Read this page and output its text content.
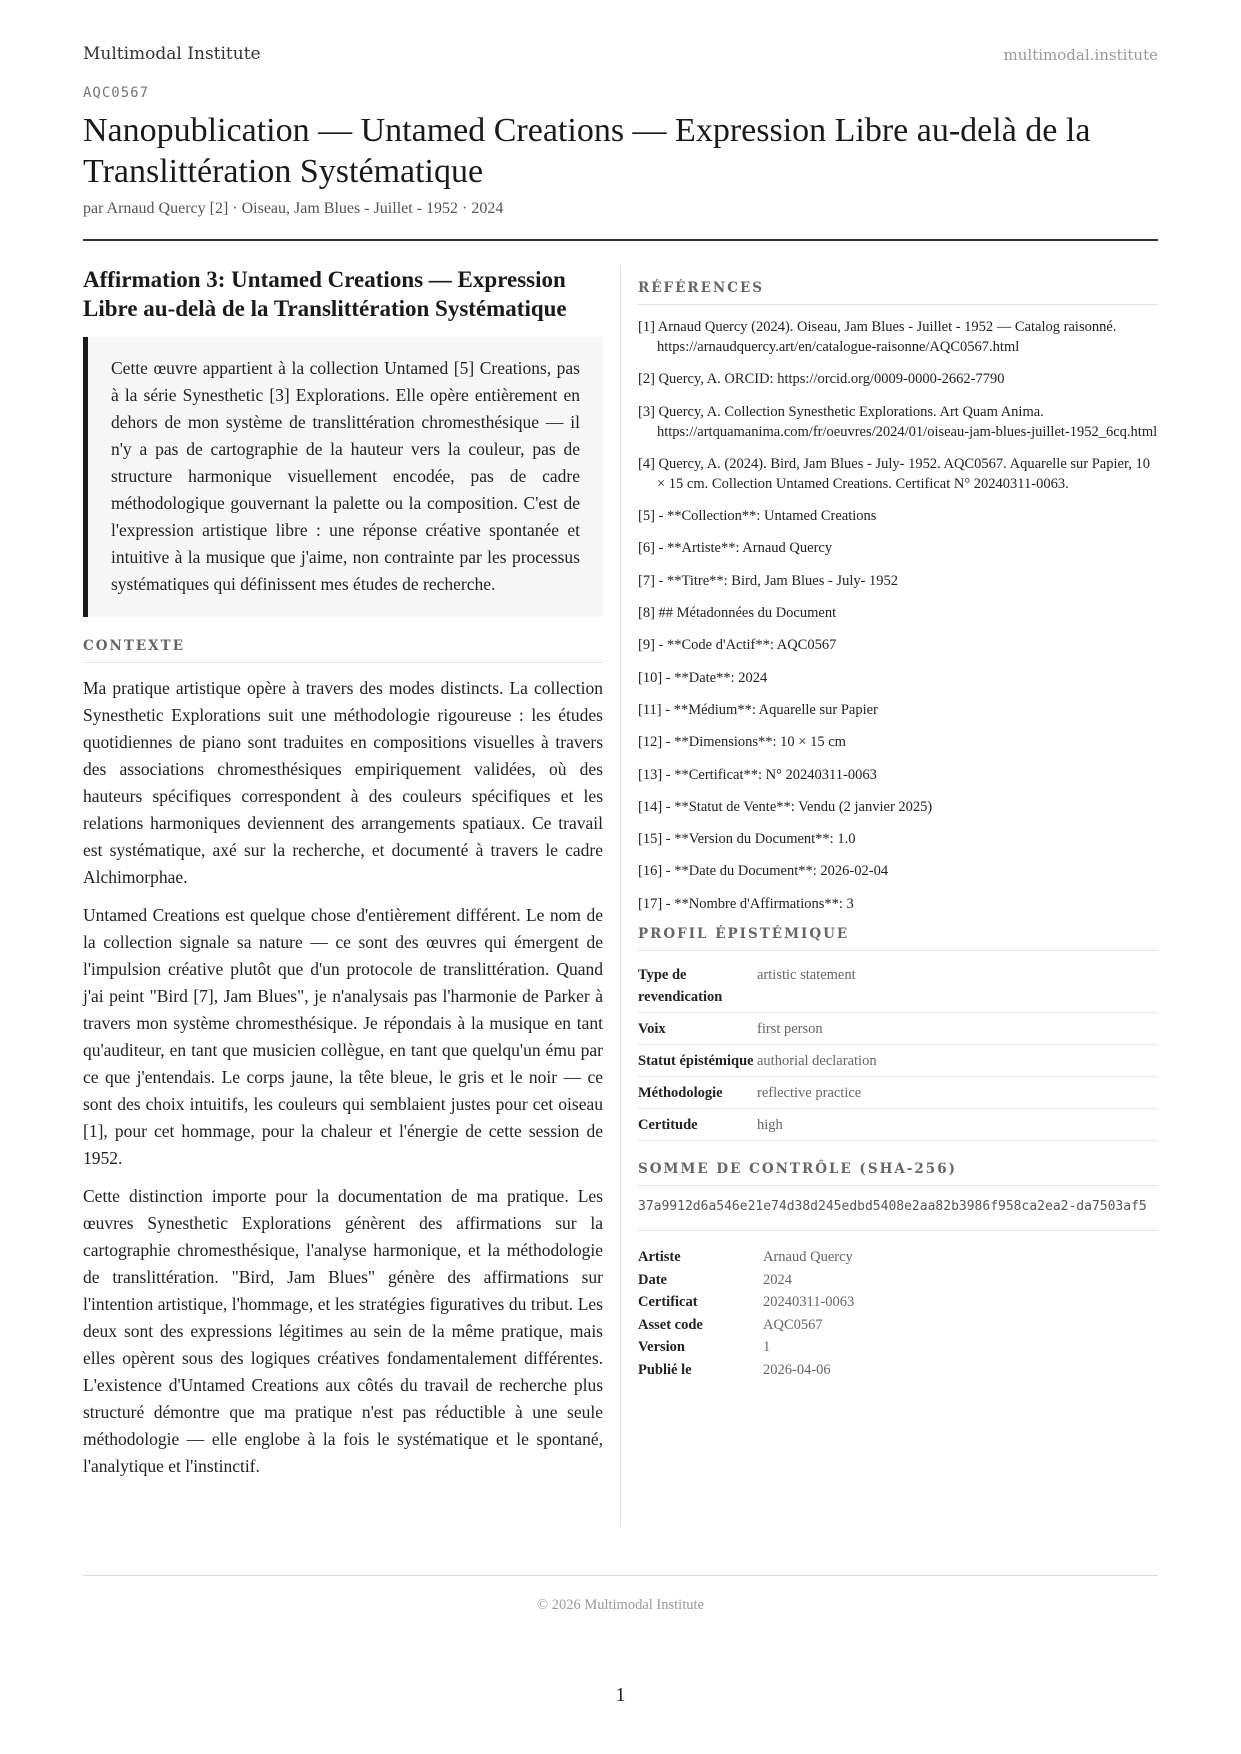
Multimodal Institute	multimodal.institute
AQC0567
Nanopublication — Untamed Creations — Expression Libre au-delà de la Translittération Systématique
par Arnaud Quercy [2] · Oiseau, Jam Blues - Juillet - 1952 · 2024
Affirmation 3: Untamed Creations — Expression Libre au-delà de la Translittération Systématique
Cette œuvre appartient à la collection Untamed [5] Creations, pas à la série Synesthetic [3] Explorations. Elle opère entièrement en dehors de mon système de translittération chromesthésique — il n'y a pas de cartographie de la hauteur vers la couleur, pas de structure harmonique visuellement encodée, pas de cadre méthodologique gouvernant la palette ou la composition. C'est de l'expression artistique libre : une réponse créative spontanée et intuitive à la musique que j'aime, non contrainte par les processus systématiques qui définissent mes études de recherche.
CONTEXTE

Ma pratique artistique opère à travers des modes distincts. La collection Synesthetic Explorations suit une méthodologie rigoureuse : les études quotidiennes de piano sont traduites en compositions visuelles à travers des associations chromesthésiques empiriquement validées, où des hauteurs spécifiques correspondent à des couleurs spécifiques et les relations harmoniques deviennent des arrangements spatiaux. Ce travail est systématique, axé sur la recherche, et documenté à travers le cadre Alchimorphae.

Untamed Creations est quelque chose d'entièrement différent. Le nom de la collection signale sa nature — ce sont des œuvres qui émergent de l'impulsion créative plutôt que d'un protocole de translittération. Quand j'ai peint "Bird [7], Jam Blues", je n'analysais pas l'harmonie de Parker à travers mon système chromesthésique. Je répondais à la musique en tant qu'auditeur, en tant que musicien collègue, en tant que quelqu'un ému par ce que j'entendais. Le corps jaune, la tête bleue, le gris et le noir — ce sont des choix intuitifs, les couleurs qui semblaient justes pour cet oiseau [1], pour cet hommage, pour la chaleur et l'énergie de cette session de 1952.

Cette distinction importe pour la documentation de ma pratique. Les œuvres Synesthetic Explorations génèrent des affirmations sur la cartographie chromesthésique, l'analyse harmonique, et la méthodologie de translittération. "Bird, Jam Blues" génère des affirmations sur l'intention artistique, l'hommage, et les stratégies figuratives du tribut. Les deux sont des expressions légitimes au sein de la même pratique, mais elles opèrent sous des logiques créatives fondamentalement différentes. L'existence d'Untamed Creations aux côtés du travail de recherche plus structuré démontre que ma pratique n'est pas réductible à une seule méthodologie — elle englobe à la fois le systématique et le spontané, l'analytique et l'instinctif.

RÉFÉRENCES
[1] Arnaud Quercy (2024). Oiseau, Jam Blues - Juillet - 1952 — Catalog raisonné. https://arnaudquercy.art/en/catalogue-raisonne/AQC0567.html
[2] Quercy, A. ORCID: https://orcid.org/0009-0000-2662-7790
[3] Quercy, A. Collection Synesthetic Explorations. Art Quam Anima. https://artquamanima.com/fr/oeuvres/2024/01/oiseau-jam-blues-juillet-1952_6cq.html
[4] Quercy, A. (2024). Bird, Jam Blues - July- 1952. AQC0567. Aquarelle sur Papier, 10 × 15 cm. Collection Untamed Creations. Certificat N° 20240311-0063.
[5] - **Collection**: Untamed Creations
[6] - **Artiste**: Arnaud Quercy
[7] - **Titre**: Bird, Jam Blues - July- 1952
[8] ## Métadonnées du Document
[9] - **Code d'Actif**: AQC0567
[10] - **Date**: 2024
[11] - **Médium**: Aquarelle sur Papier
[12] - **Dimensions**: 10 × 15 cm
[13] - **Certificat**: N° 20240311-0063
[14] - **Statut de Vente**: Vendu (2 janvier 2025)
[15] - **Version du Document**: 1.0
[16] - **Date du Document**: 2026-02-04
[17] - **Nombre d'Affirmations**: 3
PROFIL ÉPISTÉMIQUE
Type de revendication	artistic statement
Voix	first person
Statut épistémique	authorial declaration
Méthodologie	reflective practice
Certitude	high
SOMME DE CONTRÔLE (SHA-256)
37a9912d6a546e21e74d38d245edbd5408e2aa82b3986f958ca2ea2-da7503af5
Artiste	Arnaud Quercy
Date	2024
Certificat	20240311-0063
Asset code	AQC0567
Version	1
Publié le	2026-04-06
© 2026 Multimodal Institute
1
